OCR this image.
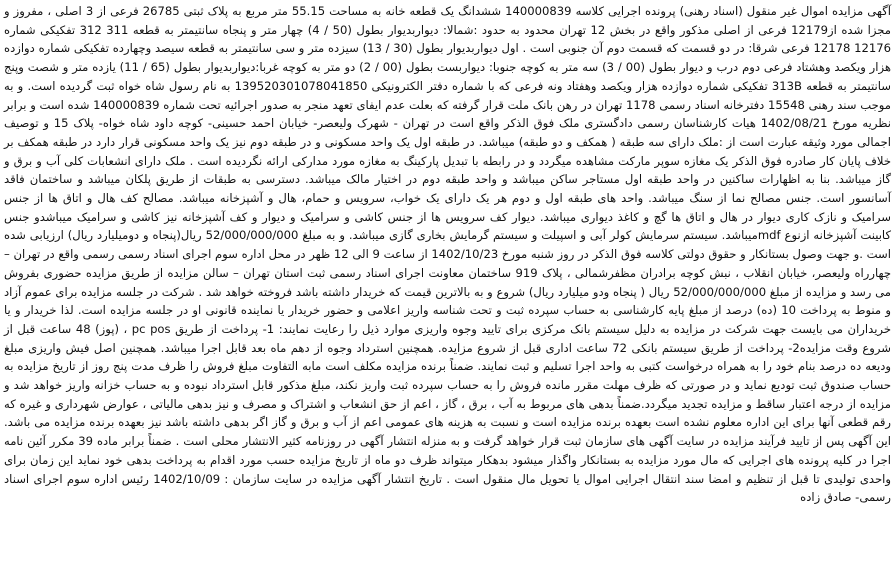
آگهی مزایده اموال غیر منقول (اسناد رهنی) پرونده اجرایی کلاسه 140000839 ششدانگ یک قطعه خانه به مساحت 55.15 متر مربع به پلاک ثبتی 26785 فرعی از 3 اصلی ، مفروز و مجزا شده از12179 فرعی از اصلی مذکور واقع در بخش 12 تهران محدود به حدود :شمالا: دیواربدیوار بطول (50 / 4) چهار متر و پنجاه سانتیمتر به قطعه 311 312 تفکیکی شماره 12176 12178 فرعی شرقا: در دو قسمت که قسمت دوم آن جنوبی است . اول دیواربدیوار بطول (30 / 13) سیزده متر و سی سانتیمتر به قطعه سیصد وچهارده تفکیکی شماره دوازده هزار ویکصد وهشتاد فرعی دوم درب و دیوار بطول (00 / 3) سه متر به کوچه جنوبا: دیواربست بطول (00 / 2) دو متر به کوچه غربا:دیواربدیوار بطول (65 / 11) یازده متر و شصت وپنج سانتیمتر به قطعه 313B تفکیکی شماره دوازده هزار ویکصد وهفتاد ونه فرعی که با شماره دفتر الکترونیکی 139520301078041850 به نام رسول شاه خواه ثبت گردیده است. و به موجب سند رهنی 15548 دفترخانه اسناد رسمی 1178 تهران در رهن بانک ملت قرار گرفته که بعلت عدم ایفای تعهد منجر به صدور اجرائیه تحت شماره 140000839 شده است و برابر نظریه مورخ 1402/08/21 هیات کارشناسان رسمی دادگستری ملک فوق الذکر واقع است در تهران - شهرک ولیعصر- خیابان احمد حسینی- کوچه داود شاه خواه- پلاک 15 و توصیف اجمالی مورد وثیقه عبارت است از :ملک دارای سه طبقه ( همکف و دو طبقه) میباشد. در طبقه اول یک واحد مسکونی و در طبقه دوم نیز یک واحد مسکونی قرار دارد در طبقه همکف بر خلاف پایان کار صادره فوق الذکر یک مغازه سوپر مارکت مشاهده میگردد و در رابطه با تبدیل پارکینگ به مغازه مورد مدارکی ارائه نگردیده است . ملک دارای انشعابات کلی آب و برق و گاز میباشد. بنا به اظهارات ساکنین در واحد طبقه اول مستاجر ساکن میباشد و واحد طبقه دوم در اختیار مالک میباشد. دسترسی به طبقات از طریق پلکان میباشد و ساختمان فاقد آسانسور است. جنس مصالح نما از سنگ میباشد. واحد های طبقه اول و دوم هر یک دارای یک خواب، سرویس و حمام، هال و آشپزخانه میباشد. مصالح کف هال و اتاق ها از جنس سرامیک و نازک کاری دیوار در هال و اتاق ها گچ و کاغذ دیواری میباشد. دیوار کف سرویس ها از جنس کاشی و سرامیک و دیوار و کف آشپزخانه نیز کاشی و سرامیک میباشدو جنس کابینت آشپزخانه ازنوع mdfمیباشد. سیستم سرمایش کولر آبی و اسپیلت و سیستم گرمایش بخاری گازی میباشد. و به مبلغ 52/000/000/000 ریال(پنجاه و دومیلیارد ریال) ارزیابی شده است .و جهت وصول بستانکار و حقوق دولتی کلاسه فوق الذکر در روز شنبه مورخ 1402/10/23 از ساعت 9 الی 12 ظهر در محل اداره سوم اجرای اسناد رسمی رسمی واقع در تهران – چهارراه ولیعصر، خیابان انقلاب ، نبش کوچه برادران مظفرشمالی ، پلاک 919 ساختمان معاونت اجرای اسناد رسمی ثبت استان تهران – سالن مزایده از طریق مزایده حضوری بفروش می رسد و مزایده از مبلغ 52/000/000/000 ریال ( پنجاه ودو میلیارد ریال) شروع و به بالاترین قیمت که خریدار داشته باشد فروخته خواهد شد . شرکت در جلسه مزایده برای عموم آزاد و منوط به پرداخت 10 (ده) درصد از مبلغ پایه کارشناسی به حساب سپرده ثبت و تحت شناسه واریز اعلامی و حضور خریدار یا نماینده قانونی او در جلسه مزایده است. لذا خریدار و یا خریداران می بایست جهت شرکت در مزایده به دلیل سیستم بانک مرکزی برای تایید وجوه واریزی موارد ذیل را رعایت نمایند: 1- پرداخت از طریق pc pos ، (پوز) 48 ساعت قبل از شروع وقت مزایده2- پرداخت از طریق سیستم بانکی 72 ساعت اداری قبل از شروع مزایده. همچنین استرداد وجوه از دهم ماه بعد قابل اجرا میباشد. همچنین اصل فیش واریزی مبلغ ودیعه ده درصد بنام خود را به همراه درخواست کتبی به واحد اجرا تسلیم و ثبت نمایند. ضمناً برنده مزایده مکلف است مابه التفاوت مبلغ فروش را ظرف مدت پنج روز از تاریخ مزایده به حساب صندوق ثبت تودیع نماید و در صورتی که ظرف مهلت مقرر مانده فروش را به حساب سپرده ثبت واریز نکند، مبلغ مذکور قابل استرداد نبوده و به حساب خزانه واریز خواهد شد و مزایده از درجه اعتبار ساقط و مزایده تجدید میگردد.ضمناً بدهی های مربوط به آب ، برق ، گاز ، اعم از حق انشعاب و اشتراک و مصرف و نیز بدهی مالیاتی ، عوارض شهرداری و غیره که رقم قطعی آنها برای این اداره معلوم نشده است بعهده برنده مزایده است و نسبت به هزینه های عمومی اعم از آب و برق و گاز اگر بدهی داشته باشد نیز بعهده برنده مزایده می باشد. این آگهی پس از تایید فرآیند مزایده در سایت آگهی های سازمان ثبت قرار خواهد گرفت و به منزله انتشار آگهی در روزنامه کثیر الانتشار محلی است . ضمناً برابر ماده 39 مکرر آئین نامه اجرا در کلیه پرونده های اجرایی که مال مورد مزایده به بستانکار واگذار میشود بدهکار میتواند ظرف دو ماه از تاریخ مزایده حسب مورد اقدام به پرداخت بدهی خود نماید این زمان برای واحدی تولیدی تا قبل از تنظیم و امضا سند انتقال اجرایی اموال یا تحویل مال منقول است . تاریخ انتشار آگهی مزایده در سایت سازمان : 1402/10/09 رئیس اداره سوم اجرای اسناد رسمی- صادق زاده
